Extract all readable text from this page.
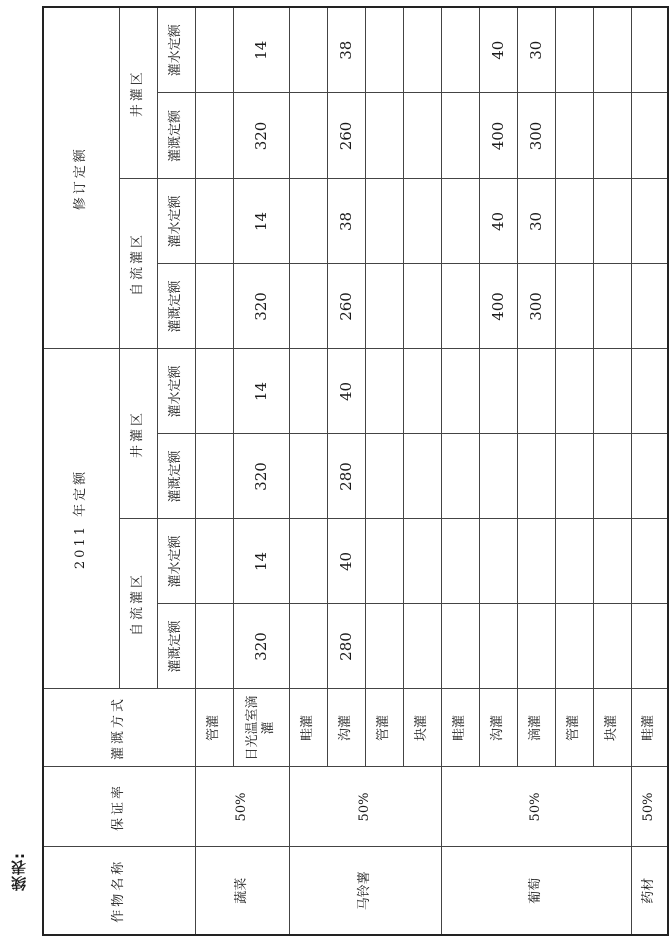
续表:	作物名称	保证率	灌溉方式	2011 年定额				修订定额			
			自流灌区		井灌区		自流灌区		井灌区	
			灌溉定额	灌水定额	灌溉定额	灌水定额	灌溉定额	灌水定额	灌溉定额	灌水定额
蔬菜	50%	管灌								
		日光温室滴灌	320	14	320	14	320	14	320	14
马铃薯	50%	畦灌								
		沟灌	280	40	280	40	260	38	260	38
		管灌								
		块灌								
葡萄	50%	畦灌								
		沟灌					400	40	400	40
		滴灌					300	30	300	30
		管灌								
		块灌								
药材	50%	畦灌								
